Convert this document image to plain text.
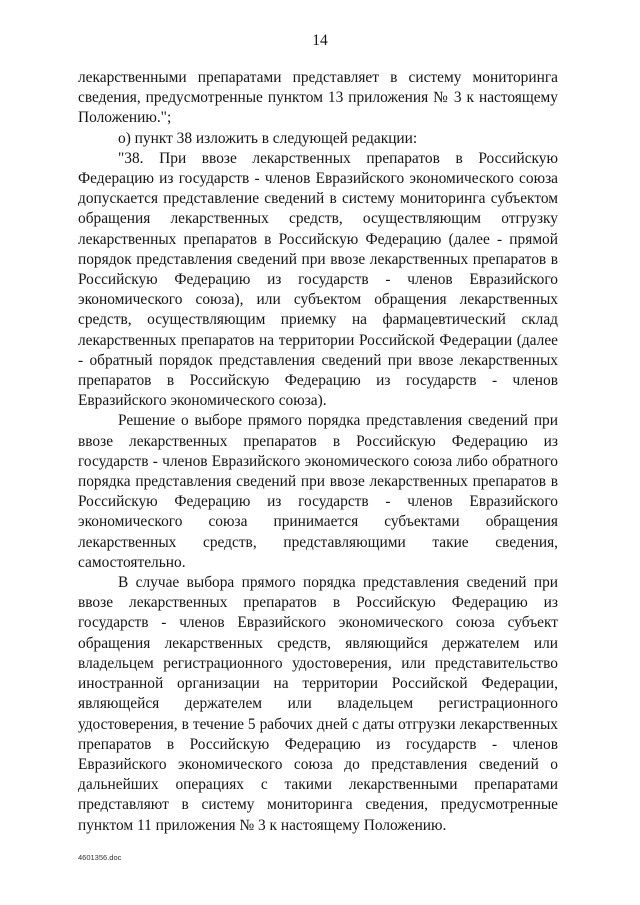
14

лекарственными препаратами представляет в систему мониторинга сведения, предусмотренные пунктом 13 приложения № 3 к настоящему Положению.";

о) пункт 38 изложить в следующей редакции:

"38. При ввозе лекарственных препаратов в Российскую Федерацию из государств - членов Евразийского экономического союза допускается представление сведений в систему мониторинга субъектом обращения лекарственных средств, осуществляющим отгрузку лекарственных препаратов в Российскую Федерацию (далее - прямой порядок представления сведений при ввозе лекарственных препаратов в Российскую Федерацию из государств - членов Евразийского экономического союза), или субъектом обращения лекарственных средств, осуществляющим приемку на фармацевтический склад лекарственных препаратов на территории Российской Федерации (далее - обратный порядок представления сведений при ввозе лекарственных препаратов в Российскую Федерацию из государств - членов Евразийского экономического союза).

Решение о выборе прямого порядка представления сведений при ввозе лекарственных препаратов в Российскую Федерацию из государств - членов Евразийского экономического союза либо обратного порядка представления сведений при ввозе лекарственных препаратов в Российскую Федерацию из государств - членов Евразийского экономического союза принимается субъектами обращения лекарственных средств, представляющими такие сведения, самостоятельно.

В случае выбора прямого порядка представления сведений при ввозе лекарственных препаратов в Российскую Федерацию из государств - членов Евразийского экономического союза субъект обращения лекарственных средств, являющийся держателем или владельцем регистрационного удостоверения, или представительство иностранной организации на территории Российской Федерации, являющейся держателем или владельцем регистрационного удостоверения, в течение 5 рабочих дней с даты отгрузки лекарственных препаратов в Российскую Федерацию из государств - членов Евразийского экономического союза до представления сведений о дальнейших операциях с такими лекарственными препаратами представляют в систему мониторинга сведения, предусмотренные пунктом 11 приложения № 3 к настоящему Положению.

4601356.doc
